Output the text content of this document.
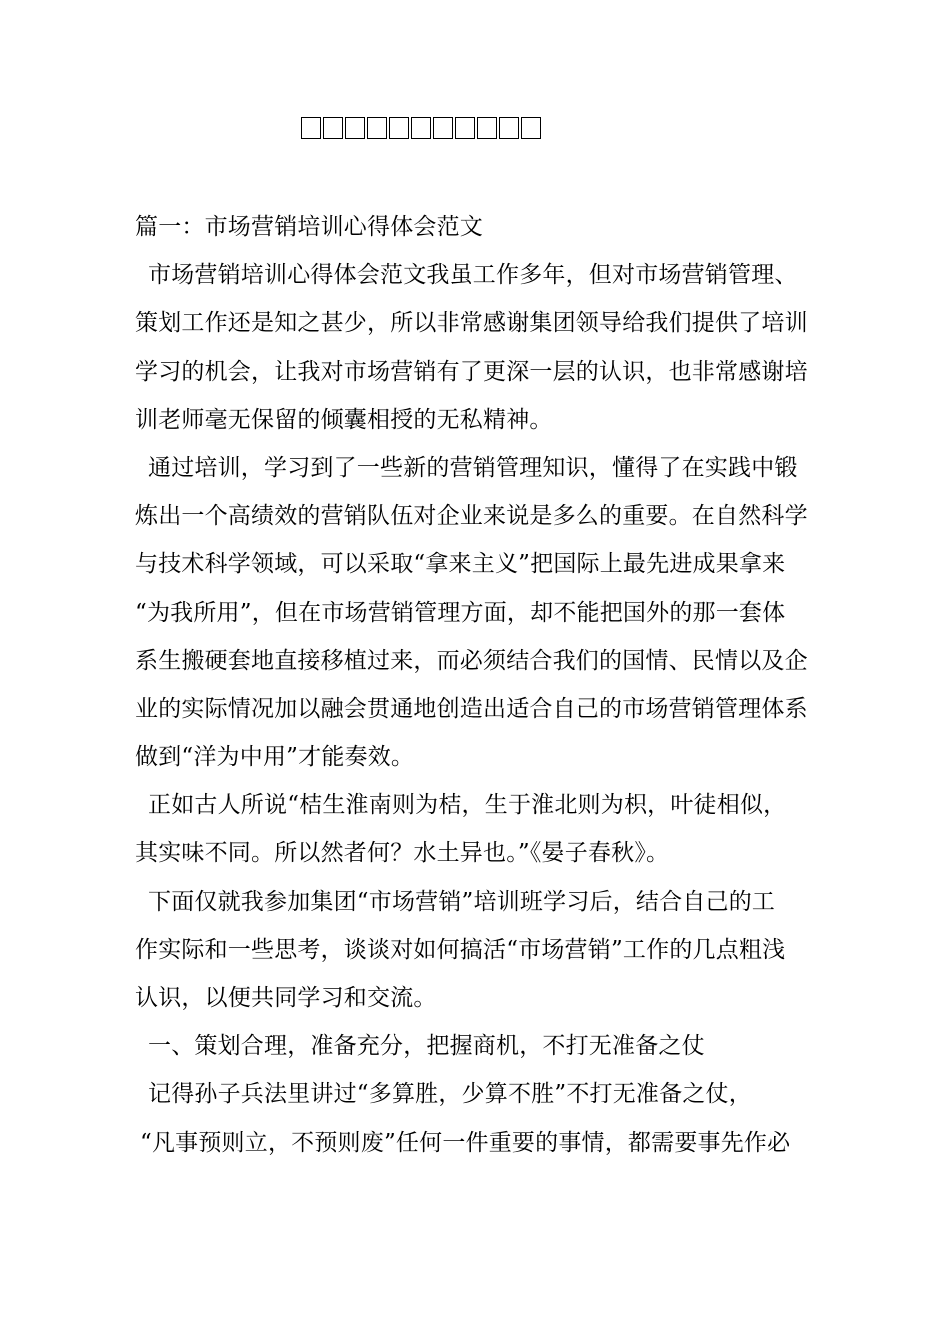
篇一：市场营销培训心得体会范文
市场营销培训心得体会范文我虽工作多年，但对市场营销管理、
策划工作还是知之甚少，所以非常感谢集团领导给我们提供了培训
学习的机会，让我对市场营销有了更深一层的认识，也非常感谢培
训老师毫无保留的倾囊相授的无私精神。
通过培训，学习到了一些新的营销管理知识，懂得了在实践中锻
炼出一个高绩效的营销队伍对企业来说是多么的重要。在自然科学
与技术科学领域，可以采取“拿来主义”把国际上最先进成果拿来
“为我所用”，但在市场营销管理方面，却不能把国外的那一套体
系生搬硬套地直接移植过来，而必须结合我们的国情、民情以及企
业的实际情况加以融会贯通地创造出适合自己的市场营销管理体系
做到“洋为中用”才能奏效。
正如古人所说“桔生淮南则为桔，生于淮北则为枳，叶徒相似，
其实味不同。所以然者何？水土异也。”《晏子春秋》。
下面仅就我参加集团“市场营销”培训班学习后，结合自己的工
作实际和一些思考，谈谈对如何搞活“市场营销”工作的几点粗浅
认识，以便共同学习和交流。
一、策划合理，准备充分，把握商机，不打无准备之仗
记得孙子兵法里讲过“多算胜，少算不胜”不打无准备之仗，
“凡事预则立，不预则废”任何一件重要的事情，都需要事先作必
